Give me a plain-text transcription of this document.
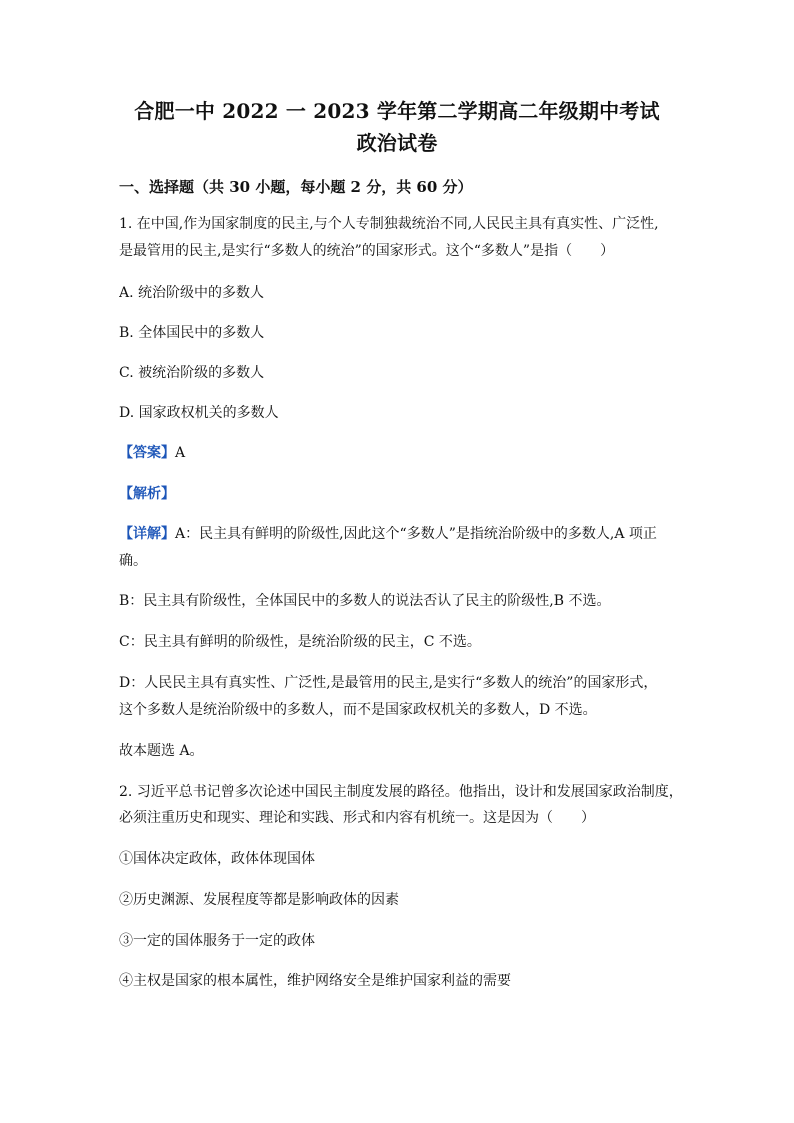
合肥一中 2022 一 2023 学年第二学期高二年级期中考试
政治试卷
一、选择题（共 30 小题，每小题 2 分，共 60 分）
1. 在中国,作为国家制度的民主,与个人专制独裁统治不同,人民民主具有真实性、广泛性,
是最管用的民主,是实行“多数人的统治”的国家形式。这个“多数人”是指（　　）
A. 统治阶级中的多数人
B. 全体国民中的多数人
C. 被统治阶级的多数人
D. 国家政权机关的多数人
【答案】A
【解析】
【详解】A：民主具有鲜明的阶级性,因此这个“多数人”是指统治阶级中的多数人,A 项正
确。
B：民主具有阶级性，全体国民中的多数人的说法否认了民主的阶级性,B 不选。
C：民主具有鲜明的阶级性，是统治阶级的民主，C 不选。
D：人民民主具有真实性、广泛性,是最管用的民主,是实行“多数人的统治”的国家形式，
这个多数人是统治阶级中的多数人，而不是国家政权机关的多数人，D 不选。
故本题选 A。
2. 习近平总书记曾多次论述中国民主制度发展的路径。他指出，设计和发展国家政治制度，
必须注重历史和现实、理论和实践、形式和内容有机统一。这是因为（　　）
①国体决定政体，政体体现国体
②历史渊源、发展程度等都是影响政体的因素
③一定的国体服务于一定的政体
④主权是国家的根本属性，维护网络安全是维护国家利益的需要
